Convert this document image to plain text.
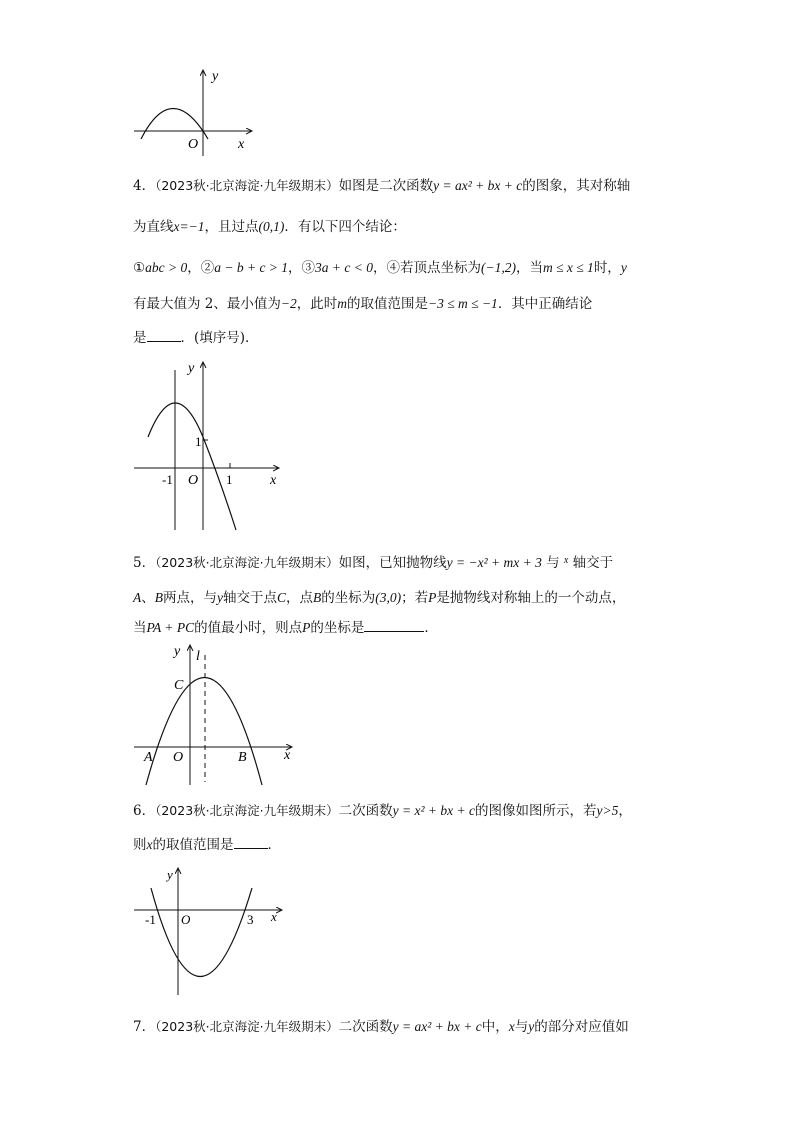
y
O	x
y
1
-1 O 1	x
y l
C
A O	B	x
y
-1 O	3 x
4．（2023秋·北京海淀·九年级期末）如图是二次函数y = ax² + bx + c的图象，其对称轴
为直线x=−1，且过点(0,1)．有以下四个结论：
①abc > 0，②a − b + c > 1，③3a + c < 0，④若顶点坐标为(−1,2)，当m ≤ x ≤ 1时，y
有最大值为 2、最小值为−2，此时m的取值范围是−3 ≤ m ≤ −1．其中正确结论
是	．(填序号)．
5．（2023秋·北京海淀·九年级期末）如图，已知抛物线y = −x² + mx + 3 与 $^x$ 轴交于
A、B两点，与y轴交于点C，点B的坐标为(3,0)；若P是抛物线对称轴上的一个动点，
当PA + PC的值最小时，则点P的坐标是	．
6．（2023秋·北京海淀·九年级期末）二次函数y = x² + bx + c的图像如图所示，若y>5，
则x的取值范围是	．
7．（2023秋·北京海淀·九年级期末）二次函数y = ax² + bx + c中，x与y的部分对应值如
